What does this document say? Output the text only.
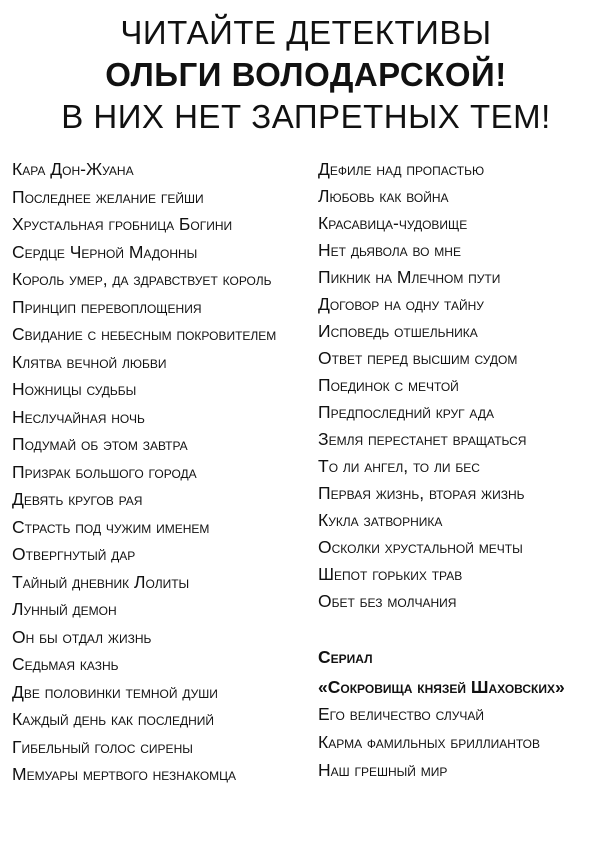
ЧИТАЙТЕ ДЕТЕКТИВЫ
ОЛЬГИ ВОЛОДАРСКОЙ!
В НИХ НЕТ ЗАПРЕТНЫХ ТЕМ!
Кара Дон-Жуана
Последнее желание гейши
Хрустальная гробница Богини
Сердце Черной Мадонны
Король умер, да здравствует король
Принцип перевоплощения
Свидание с небесным покровителем
Клятва вечной любви
Ножницы судьбы
Неслучайная ночь
Подумай об этом завтра
Призрак большого города
Девять кругов рая
Страсть под чужим именем
Отвергнутый дар
Тайный дневник Лолиты
Лунный демон
Он бы отдал жизнь
Седьмая казнь
Две половинки темной души
Каждый день как последний
Гибельный голос сирены
Мемуары мертвого незнакомца
Дефиле над пропастью
Любовь как война
Красавица-чудовище
Нет дьявола во мне
Пикник на Млечном пути
Договор на одну тайну
Исповедь отшельника
Ответ перед высшим судом
Поединок с мечтой
Предпоследний круг ада
Земля перестанет вращаться
То ли ангел, то ли бес
Первая жизнь, вторая жизнь
Кукла затворника
Осколки хрустальной мечты
Шепот горьких трав
Обет без молчания
Сериал
«Сокровища князей Шаховских»
Его величество случай
Карма фамильных бриллиантов
Наш грешный мир
